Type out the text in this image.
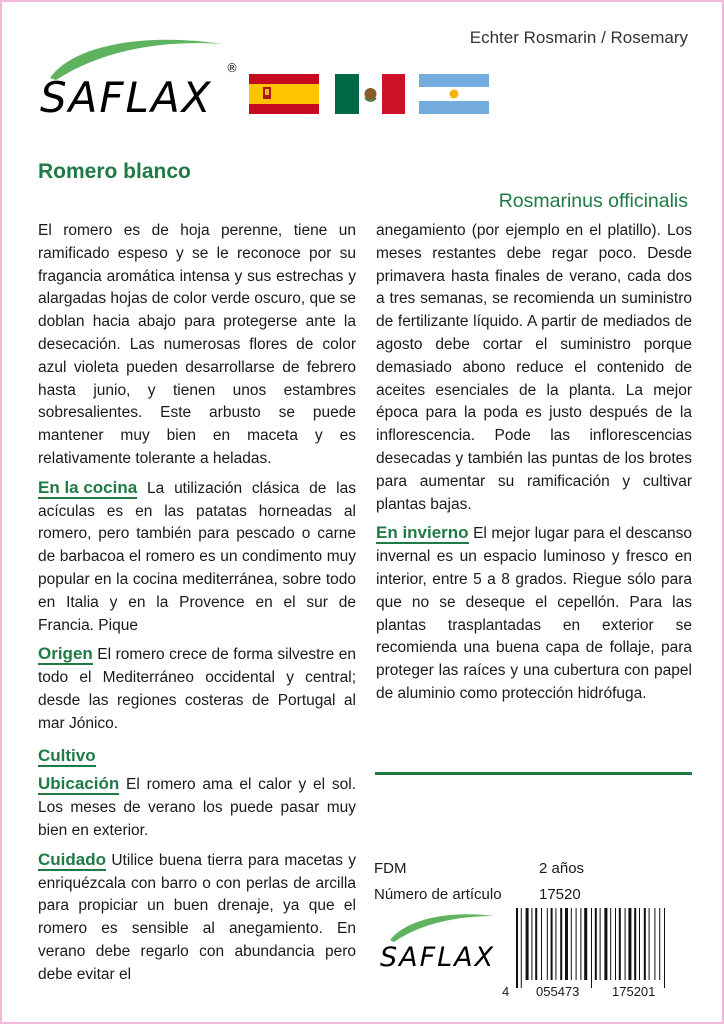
SAFLAX
®
Echter Rosmarin / Rosemary
Romero blanco
Rosmarinus officinalis

El romero es de hoja perenne, tiene un ramificado espeso y se le reconoce por su fragancia aromática intensa y sus estrechas y alargadas hojas de color verde oscuro, que se doblan hacia abajo para protegerse ante la desecación. Las numerosas flores de color azul violeta pueden desarrollarse de febrero hasta junio, y tienen unos estambres sobresalientes. Este arbusto se puede mantener muy bien en maceta y es relativamente tolerante a heladas.

En la cocina La utilización clásica de las acículas es en las patatas horneadas al romero, pero también para pescado o carne de barbacoa el romero es un condimento muy popular en la cocina mediterránea, sobre todo en Italia y en la Provence en el sur de Francia. Pique

Origen El romero crece de forma silvestre en todo el Mediterráneo occidental y central; desde las regiones costeras de Portugal al mar Jónico.

Cultivo

Ubicación El romero ama el calor y el sol. Los meses de verano los puede pasar muy bien en exterior.

Cuidado Utilice buena tierra para macetas y enriquézcala con barro o con perlas de arcilla para propiciar un buen drenaje, ya que el romero es sensible al anegamiento. En verano debe regarlo con abundancia pero debe evitar el

anegamiento (por ejemplo en el platillo). Los meses restantes debe regar poco. Desde primavera hasta finales de verano, cada dos a tres semanas, se recomienda un suministro de fertilizante líquido. A partir de mediados de agosto debe cortar el suministro porque demasiado abono reduce el contenido de aceites esenciales de la planta. La mejor época para la poda es justo después de la inflorescencia. Pode las inflorescencias desecadas y también las puntas de los brotes para aumentar su ramificación y cultivar plantas bajas.

En invierno El mejor lugar para el descanso invernal es un espacio luminoso y fresco en interior, entre 5 a 8 grados. Riegue sólo para que no se deseque el cepellón. Para las plantas trasplantadas en exterior se recomienda una buena capa de follaje, para proteger las raíces y una cubertura con papel de aluminio como protección hidrófuga.

FDM	2 años
Número de artículo 17520
SAFLAX
4 055473	175201
